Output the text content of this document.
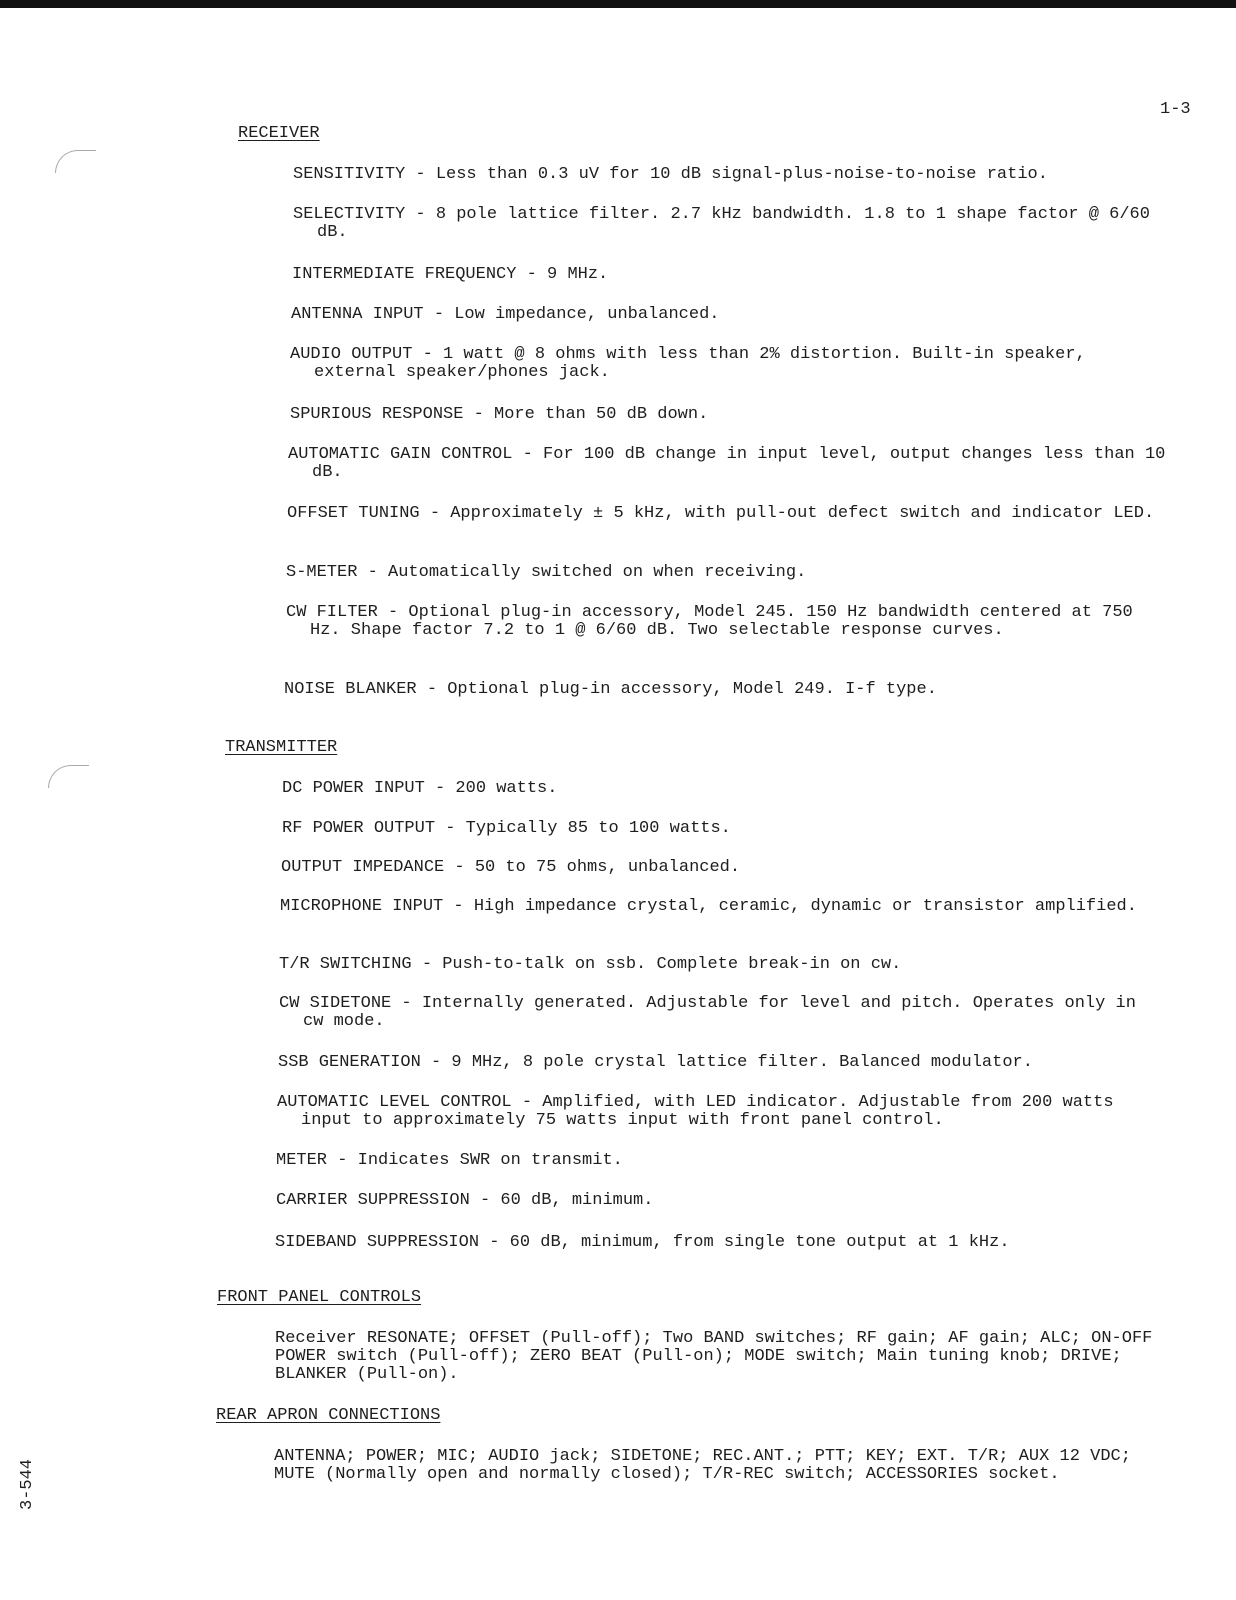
1-3
3-544
RECEIVER
SENSITIVITY - Less than 0.3 uV for 10 dB signal-plus-noise-to-noise ratio.
SELECTIVITY - 8 pole lattice filter. 2.7 kHz bandwidth. 1.8 to 1 shape factor @ 6/60 dB.
INTERMEDIATE FREQUENCY - 9 MHz.
ANTENNA INPUT - Low impedance, unbalanced.
AUDIO OUTPUT - 1 watt @ 8 ohms with less than 2% distortion. Built-in speaker, external speaker/phones jack.
SPURIOUS RESPONSE - More than 50 dB down.
AUTOMATIC GAIN CONTROL - For 100 dB change in input level, output changes less than 10 dB.
OFFSET TUNING - Approximately ± 5 kHz, with pull-out defect switch and indicator LED.
S-METER - Automatically switched on when receiving.
CW FILTER - Optional plug-in accessory, Model 245. 150 Hz bandwidth centered at 750 Hz. Shape factor 7.2 to 1 @ 6/60 dB. Two selectable response curves.
NOISE BLANKER - Optional plug-in accessory, Model 249. I-f type.
TRANSMITTER
DC POWER INPUT - 200 watts.
RF POWER OUTPUT - Typically 85 to 100 watts.
OUTPUT IMPEDANCE - 50 to 75 ohms, unbalanced.
MICROPHONE INPUT - High impedance crystal, ceramic, dynamic or transistor amplified.
T/R SWITCHING - Push-to-talk on ssb. Complete break-in on cw.
CW SIDETONE - Internally generated. Adjustable for level and pitch. Operates only in cw mode.
SSB GENERATION - 9 MHz, 8 pole crystal lattice filter. Balanced modulator.
AUTOMATIC LEVEL CONTROL - Amplified, with LED indicator. Adjustable from 200 watts input to approximately 75 watts input with front panel control.
METER - Indicates SWR on transmit.
CARRIER SUPPRESSION - 60 dB, minimum.
SIDEBAND SUPPRESSION - 60 dB, minimum, from single tone output at 1 kHz.
FRONT PANEL CONTROLS
Receiver RESONATE; OFFSET (Pull-off); Two BAND switches; RF gain; AF gain; ALC; ON-OFF POWER switch (Pull-off); ZERO BEAT (Pull-on); MODE switch; Main tuning knob; DRIVE; BLANKER (Pull-on).
REAR APRON CONNECTIONS
ANTENNA; POWER; MIC; AUDIO jack; SIDETONE; REC.ANT.; PTT; KEY; EXT. T/R; AUX 12 VDC; MUTE (Normally open and normally closed); T/R-REC switch; ACCESSORIES socket.
